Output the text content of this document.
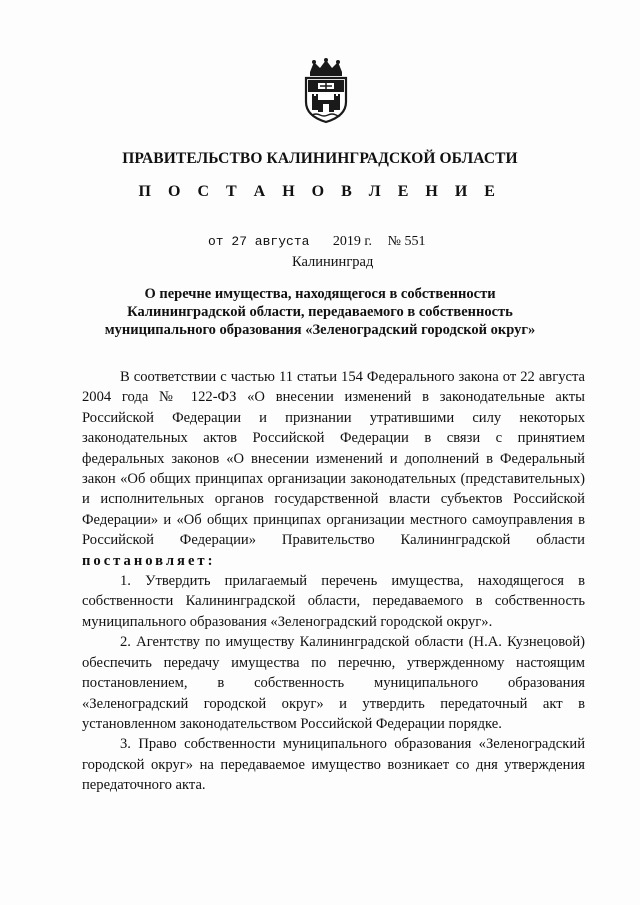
ПРАВИТЕЛЬСТВО КАЛИНИНГРАДСКОЙ ОБЛАСТИ
П О С Т А Н О В Л Е Н И Е
от 27 августа 2019 г. № 551
Калининград
О перечне имущества, находящегося в собственности
Калининградской области, передаваемого в собственность
муниципального образования «Зеленоградский городской округ»

В соответствии с частью 11 статьи 154 Федерального закона от 22 августа 2004 года № 122-ФЗ «О внесении изменений в законодательные акты Российской Федерации и признании утратившими силу некоторых законодательных актов Российской Федерации в связи с принятием федеральных законов «О внесении изменений и дополнений в Федеральный закон «Об общих принципах организации законодательных (представительных) и исполнительных органов государственной власти субъектов Российской Федерации» и «Об общих принципах организации местного самоуправления в Российской Федерации» Правительство Калининградской области постановляет:

1. Утвердить прилагаемый перечень имущества, находящегося в собственности Калининградской области, передаваемого в собственность муниципального образования «Зеленоградский городской округ».

2. Агентству по имуществу Калининградской области (Н.А. Кузнецовой) обеспечить передачу имущества по перечню, утвержденному настоящим постановлением, в собственность муниципального образования «Зеленоградский городской округ» и утвердить передаточный акт в установленном законодательством Российской Федерации порядке.

3. Право собственности муниципального образования «Зеленоградский городской округ» на передаваемое имущество возникает со дня утверждения передаточного акта.
